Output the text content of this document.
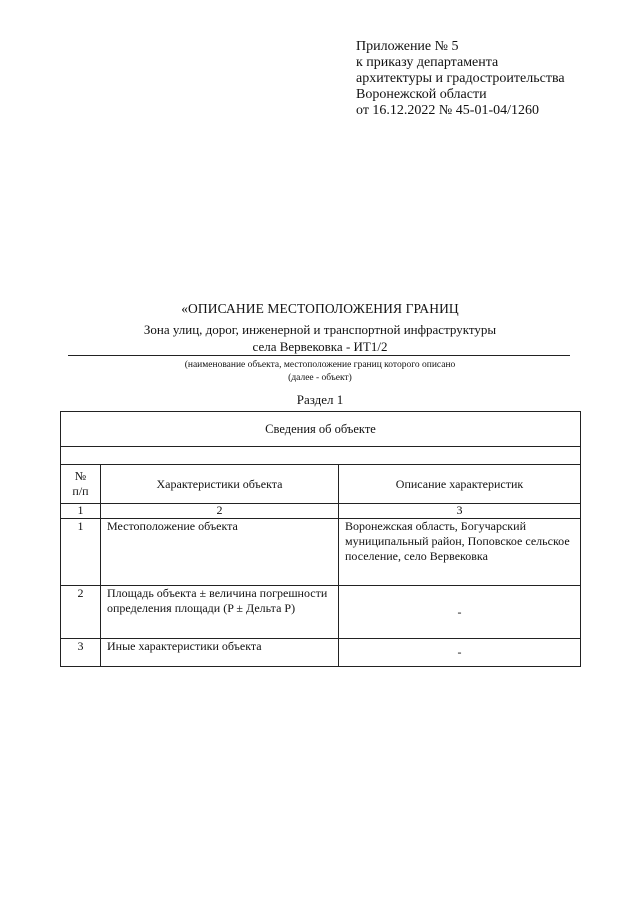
Приложение № 5
к приказу департамента
архитектуры и градостроительства
Воронежской области
от 16.12.2022 № 45-01-04/1260
«ОПИСАНИЕ МЕСТОПОЛОЖЕНИЯ ГРАНИЦ
Зона улиц, дорог, инженерной и транспортной инфраструктуры
села Вервековка - ИТ1/2
(наименование объекта, местоположение границ которого описано
(далее - объект)
Раздел 1
Сведения об объекте		

№
п/п	Характеристики объекта	Описание характеристик
1	2	3
1	Местоположение объекта	Воронежская область, Богучарский муниципальный район, Поповское сельское поселение, село Вервековка
2	Площадь объекта ± величина погрешности определения площади (P ± Дельта P)	-
3	Иные характеристики объекта	-
